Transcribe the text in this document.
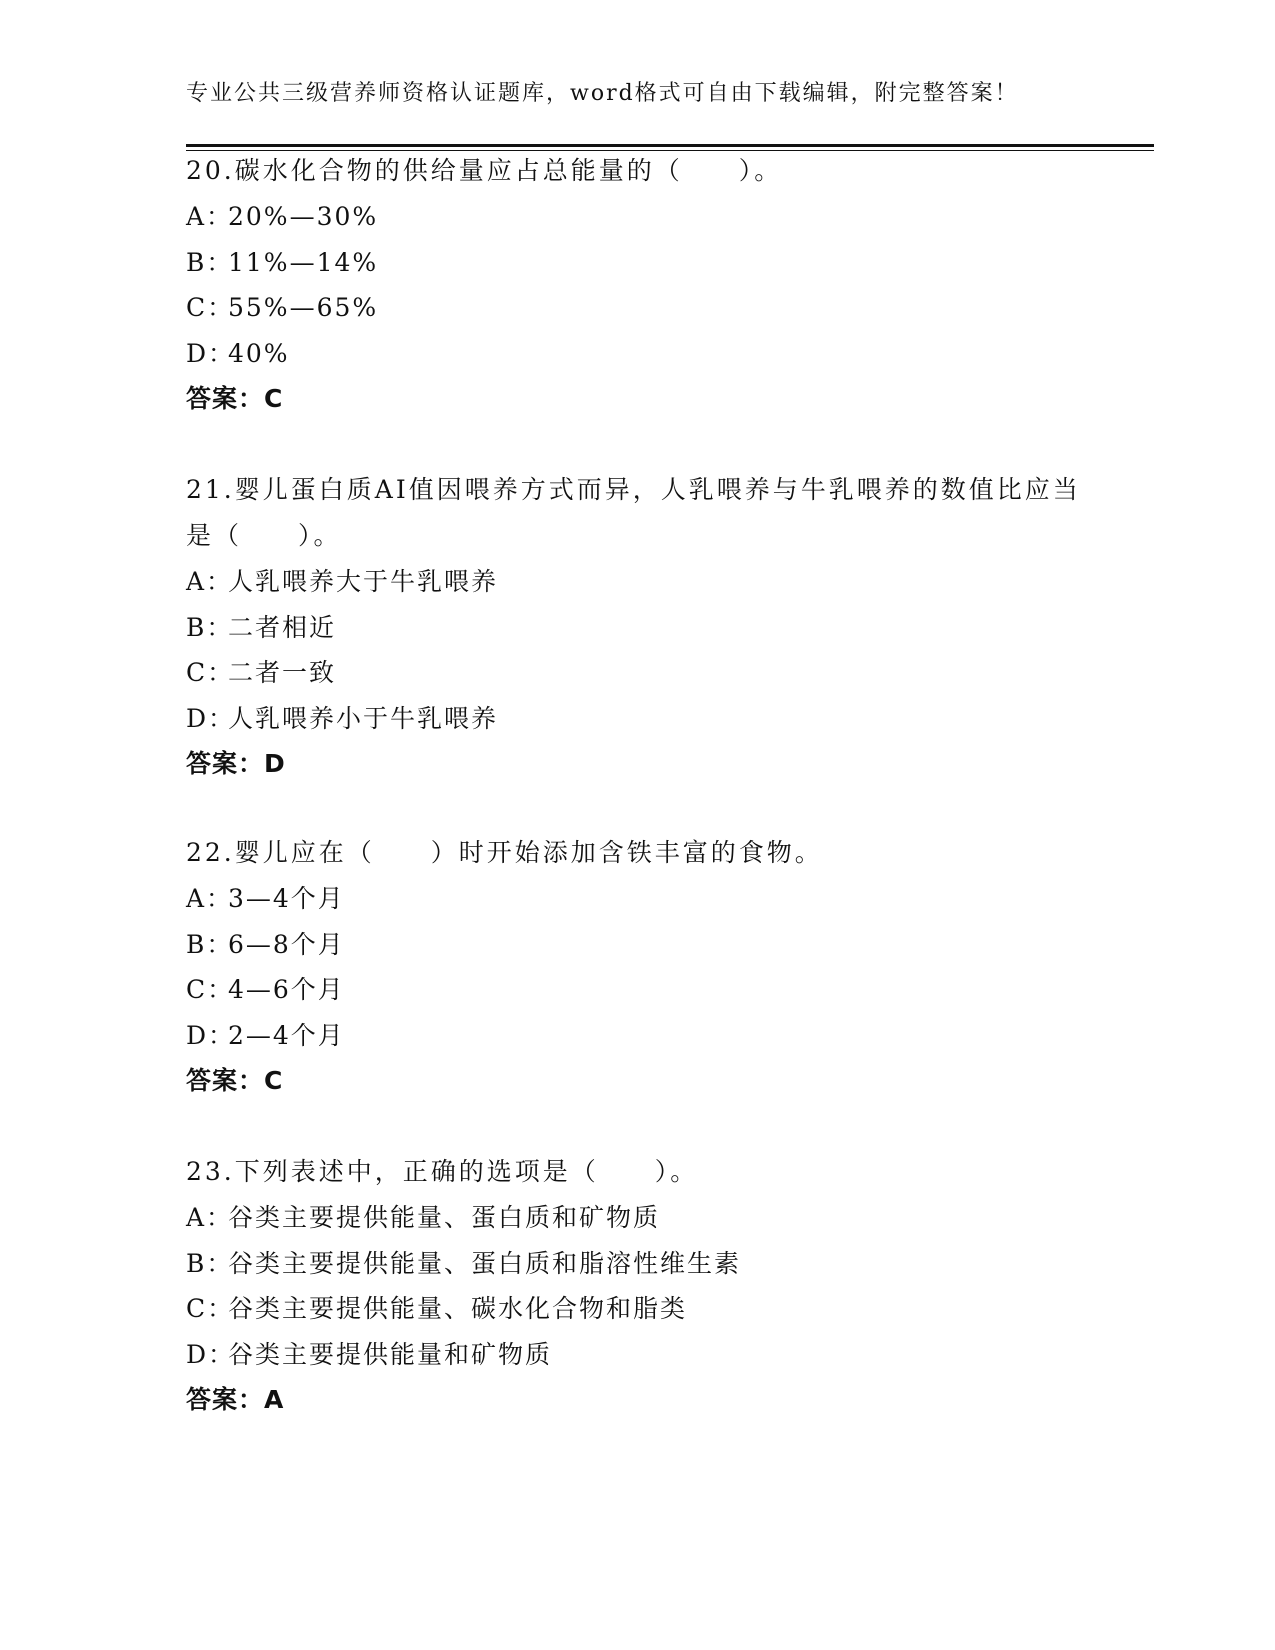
专业公共三级营养师资格认证题库，word格式可自由下载编辑，附完整答案！

20.碳水化合物的供给量应占总能量的（　　）。

A：20%—30%

B：11%—14%

C：55%—65%

D：40%

答案：C

21.婴儿蛋白质AI值因喂养方式而异，人乳喂养与牛乳喂养的数值比应当是（　　）。

A：人乳喂养大于牛乳喂养

B：二者相近

C：二者一致

D：人乳喂养小于牛乳喂养

答案：D

22.婴儿应在（　　）时开始添加含铁丰富的食物。

A：3—4个月

B：6—8个月

C：4—6个月

D：2—4个月

答案：C

23.下列表述中，正确的选项是（　　）。

A：谷类主要提供能量、蛋白质和矿物质

B：谷类主要提供能量、蛋白质和脂溶性维生素

C：谷类主要提供能量、碳水化合物和脂类

D：谷类主要提供能量和矿物质

答案：A
